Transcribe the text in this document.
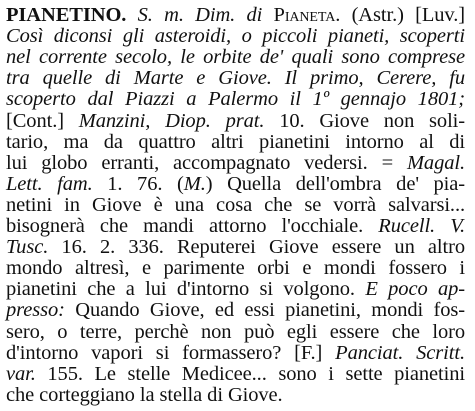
PIANETINO. S. m. Dim. di Pianeta. (Astr.) [Luv.]
Così diconsi gli asteroidi, o piccoli pianeti, scoperti
nel corrente secolo, le orbite de' quali sono comprese
tra quelle di Marte e Giove. Il primo, Cerere, fu
scoperto dal Piazzi a Palermo il 1º gennajo 1801;
[Cont.] Manzini, Diop. prat. 10. Giove non soli-
tario, ma da quattro altri pianetini intorno al di
lui globo erranti, accompagnato vedersi. = Magal.
Lett. fam. 1. 76. (M.) Quella dell'ombra de' pia-
netini in Giove è una cosa che se vorrà salvarsi...
bisognerà che mandi attorno l'occhiale. Rucell. V.
Tusc. 16. 2. 336. Reputerei Giove essere un altro
mondo altresì, e parimente orbi e mondi fossero i
pianetini che a lui d'intorno si volgono. E poco ap-
presso: Quando Giove, ed essi pianetini, mondi fos-
sero, o terre, perchè non può egli essere che loro
d'intorno vapori si formassero? [F.] Panciat. Scritt.
var. 155. Le stelle Medicee... sono i sette pianetini
che corteggiano la stella di Giove.
